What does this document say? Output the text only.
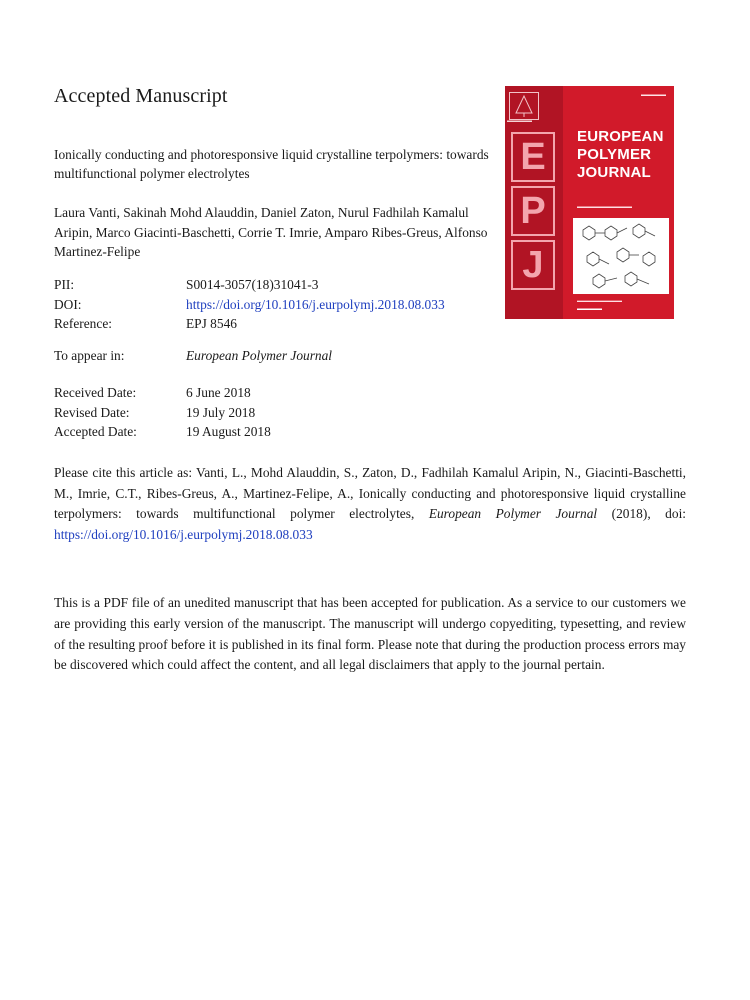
Accepted Manuscript
Ionically conducting and photoresponsive liquid crystalline terpolymers: towards multifunctional polymer electrolytes
Laura Vanti, Sakinah Mohd Alauddin, Daniel Zaton, Nurul Fadhilah Kamalul Aripin, Marco Giacinti-Baschetti, Corrie T. Imrie, Amparo Ribes-Greus, Alfonso Martinez-Felipe
PII:	S0014-3057(18)31041-3
DOI:	https://doi.org/10.1016/j.eurpolymj.2018.08.033
Reference:	EPJ 8546
To appear in:	European Polymer Journal
Received Date:	6 June 2018
Revised Date:	19 July 2018
Accepted Date:	19 August 2018
Please cite this article as: Vanti, L., Mohd Alauddin, S., Zaton, D., Fadhilah Kamalul Aripin, N., Giacinti-Baschetti, M., Imrie, C.T., Ribes-Greus, A., Martinez-Felipe, A., Ionically conducting and photoresponsive liquid crystalline terpolymers: towards multifunctional polymer electrolytes, European Polymer Journal (2018), doi: https://doi.org/10.1016/j.eurpolymj.2018.08.033
This is a PDF file of an unedited manuscript that has been accepted for publication. As a service to our customers we are providing this early version of the manuscript. The manuscript will undergo copyediting, typesetting, and review of the resulting proof before it is published in its final form. Please note that during the production process errors may be discovered which could affect the content, and all legal disclaimers that apply to the journal pertain.
▬▬▬▬▬
▬▬▬▬▬
E
P
J
EUROPEAN POLYMER JOURNAL
▬▬▬▬▬▬▬▬▬▬▬
▬▬▬▬▬▬▬▬▬▬
▬▬▬▬▬
